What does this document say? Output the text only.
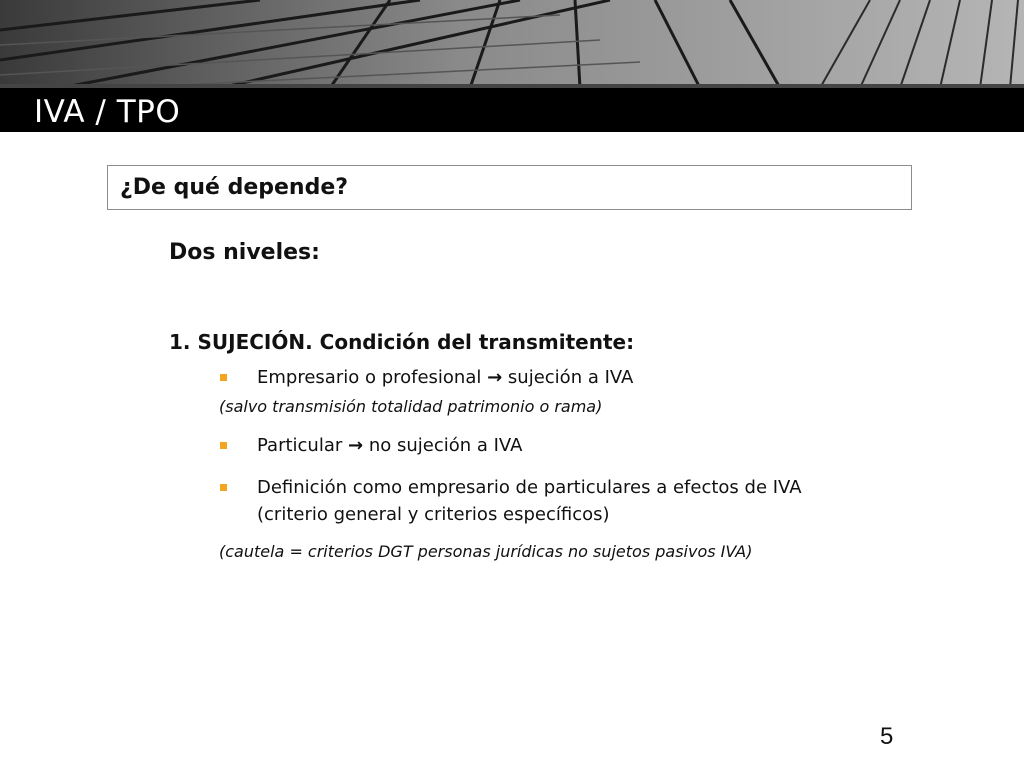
IVA / TPO
¿De qué depende?
Dos niveles:
1. SUJECIÓN. Condición del transmitente:
Empresario o profesional → sujeción a IVA
(salvo transmisión totalidad patrimonio o rama)
Particular → no sujeción a IVA
Definición como empresario de particulares a efectos de IVA
(criterio general y criterios específicos)
(cautela = criterios DGT personas jurídicas no sujetos pasivos IVA)
5
